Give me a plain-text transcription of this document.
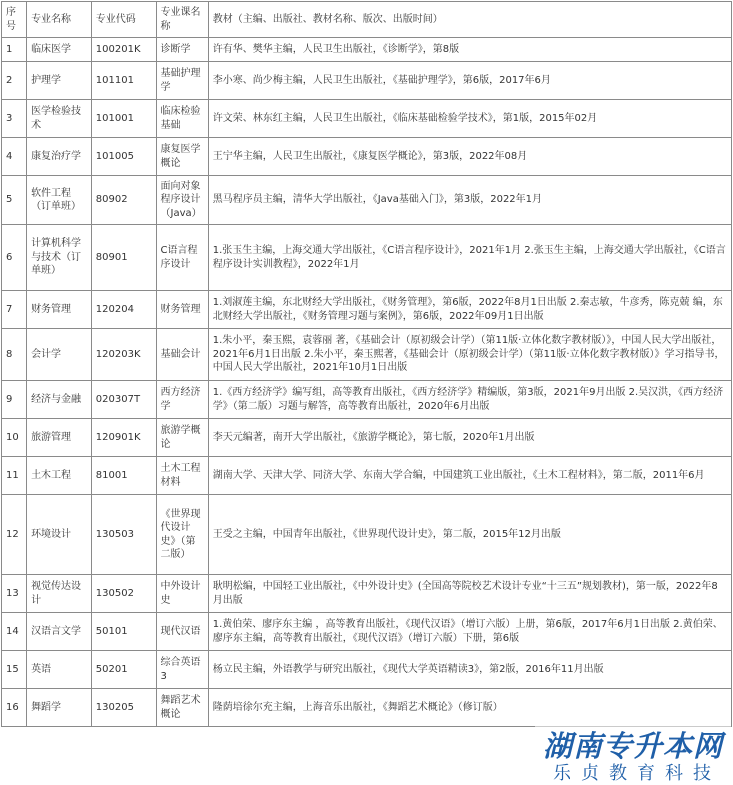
序号	专业名称	专业代码	专业课名称	教材（主编、出版社、教材名称、版次、出版时间）
1	临床医学	100201K	诊断学	许有华、樊华主编，人民卫生出版社，《诊断学》，第8版
2	护理学	101101	基础护理学	李小寒、尚少梅主编，人民卫生出版社，《基础护理学》，第6版，2017年6月
3	医学检验技术	101001	临床检验基础	许文荣、林东红主编，人民卫生出版社，《临床基础检验学技术》，第1版，2015年02月
4	康复治疗学	101005	康复医学概论	王宁华主编，人民卫生出版社，《康复医学概论》，第3版，2022年08月
5	软件工程（订单班）	80902	面向对象程序设计（Java）	黑马程序员主编，清华大学出版社，《Java基础入门》，第3版，2022年1月
6	计算机科学与技术（订单班）	80901	C语言程序设计	1.张玉生主编，上海交通大学出版社，《C语言程序设计》，2021年1月 2.张玉生主编，上海交通大学出版社，《C语言程序设计实训教程》，2022年1月
7	财务管理	120204	财务管理	1.刘淑莲主编，东北财经大学出版社，《财务管理》，第6版，2022年8月1日出版 2.秦志敏，牛彦秀，陈克兢 编，东北财经大学出版社，《财务管理习题与案例》，第6版，2022年09月1日出版
8	会计学	120203K	基础会计	1.朱小平，秦玉熙，袁蓉丽 著，《基础会计（原初级会计学）（第11版·立体化数字教材版）》，中国人民大学出版社，2021年6月1日出版 2.朱小平，秦玉熙著，《基础会计（原初级会计学）（第11版·立体化数字教材版）》学习指导书，中国人民大学出版社，2021年10月1日出版
9	经济与金融	020307T	西方经济学	1.《西方经济学》编写组，高等教育出版社，《西方经济学》精编版，第3版，2021年9月出版 2.吴汉洪，《西方经济学》（第二版）习题与解答，高等教育出版社，2020年6月出版
10	旅游管理	120901K	旅游学概论	李天元编著，南开大学出版社，《旅游学概论》，第七版，2020年1月出版
11	土木工程	81001	土木工程材料	湖南大学、天津大学、同济大学、东南大学合编，中国建筑工业出版社，《土木工程材料》，第二版，2011年6月
12	环境设计	130503	《世界现代设计史》（第二版）	王受之主编，中国青年出版社，《世界现代设计史》，第二版，2015年12月出版
13	视觉传达设计	130502	中外设计史	耿明松编，中国轻工业出版社，《中外设计史》(全国高等院校艺术设计专业“十三五”规划教材)，第一版，2022年8月出版
14	汉语言文学	50101	现代汉语	1.黄伯荣、廖序东主编 ，高等教育出版社，《现代汉语》（增订六版）上册，第6版，2017年6月1日出版 2.黄伯荣、廖序东主编，高等教育出版社，《现代汉语》（增订六版）下册，第6版
15	英语	50201	综合英语3	杨立民主编，外语教学与研究出版社，《现代大学英语精读3》，第2版，2016年11月出版
16	舞蹈学	130205	舞蹈艺术概论	隆荫培徐尔充主编，上海音乐出版社，《舞蹈艺术概论》（修订版）
湖南专升本网
乐贞教育科技
